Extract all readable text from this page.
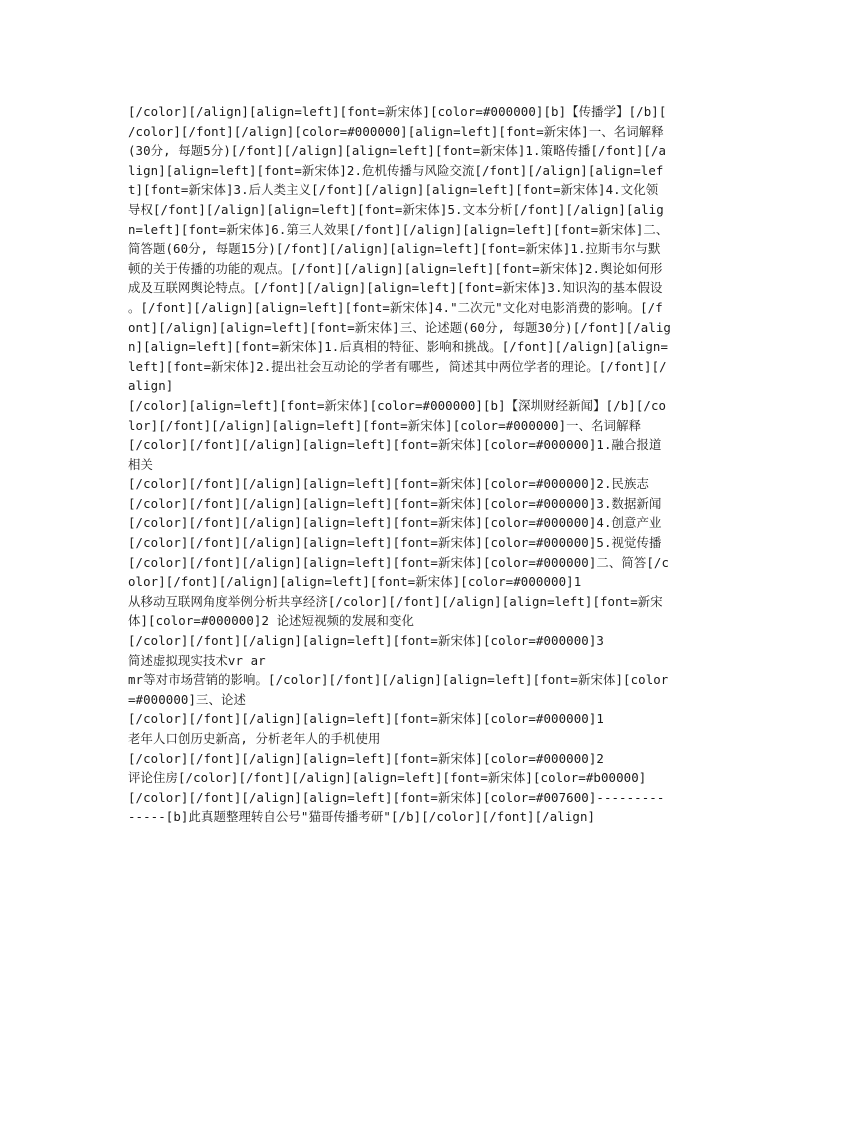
[/color][/align][align=left][font=新宋体][color=#000000][b]【传播学】[/b][
/color][/font][/align][color=#000000][align=left][font=新宋体]一、名词解释
(30分, 每题5分)[/font][/align][align=left][font=新宋体]1.策略传播[/font][/a
lign][align=left][font=新宋体]2.危机传播与风险交流[/font][/align][align=lef
t][font=新宋体]3.后人类主义[/font][/align][align=left][font=新宋体]4.文化领
导权[/font][/align][align=left][font=新宋体]5.文本分析[/font][/align][alig
n=left][font=新宋体]6.第三人效果[/font][/align][align=left][font=新宋体]二、
简答题(60分, 每题15分)[/font][/align][align=left][font=新宋体]1.拉斯韦尔与默
顿的关于传播的功能的观点。[/font][/align][align=left][font=新宋体]2.舆论如何形
成及互联网舆论特点。[/font][/align][align=left][font=新宋体]3.知识沟的基本假设
。[/font][/align][align=left][font=新宋体]4."二次元"文化对电影消费的影响。[/f
ont][/align][align=left][font=新宋体]三、论述题(60分, 每题30分)[/font][/alig
n][align=left][font=新宋体]1.后真相的特征、影响和挑战。[/font][/align][align=
left][font=新宋体]2.提出社会互动论的学者有哪些, 简述其中两位学者的理论。[/font][/
align]
[/color][align=left][font=新宋体][color=#000000][b]【深圳财经新闻】[/b][/co
lor][/font][/align][align=left][font=新宋体][color=#000000]一、名词解释
[/color][/font][/align][align=left][font=新宋体][color=#000000]1.融合报道
相关
[/color][/font][/align][align=left][font=新宋体][color=#000000]2.民族志
[/color][/font][/align][align=left][font=新宋体][color=#000000]3.数据新闻
[/color][/font][/align][align=left][font=新宋体][color=#000000]4.创意产业
[/color][/font][/align][align=left][font=新宋体][color=#000000]5.视觉传播
[/color][/font][/align][align=left][font=新宋体][color=#000000]二、简答[/c
olor][/font][/align][align=left][font=新宋体][color=#000000]1
从移动互联网角度举例分析共享经济[/color][/font][/align][align=left][font=新宋
体][color=#000000]2 论述短视频的发展和变化
[/color][/font][/align][align=left][font=新宋体][color=#000000]3
简述虚拟现实技术vr ar
mr等对市场营销的影响。[/color][/font][/align][align=left][font=新宋体][color
=#000000]三、论述
[/color][/font][/align][align=left][font=新宋体][color=#000000]1
老年人口创历史新高, 分析老年人的手机使用
[/color][/font][/align][align=left][font=新宋体][color=#000000]2
评论住房[/color][/font][/align][align=left][font=新宋体][color=#b00000]
[/color][/font][/align][align=left][font=新宋体][color=#007600]---------
-----[b]此真题整理转自公号"猫哥传播考研"[/b][/color][/font][/align]
